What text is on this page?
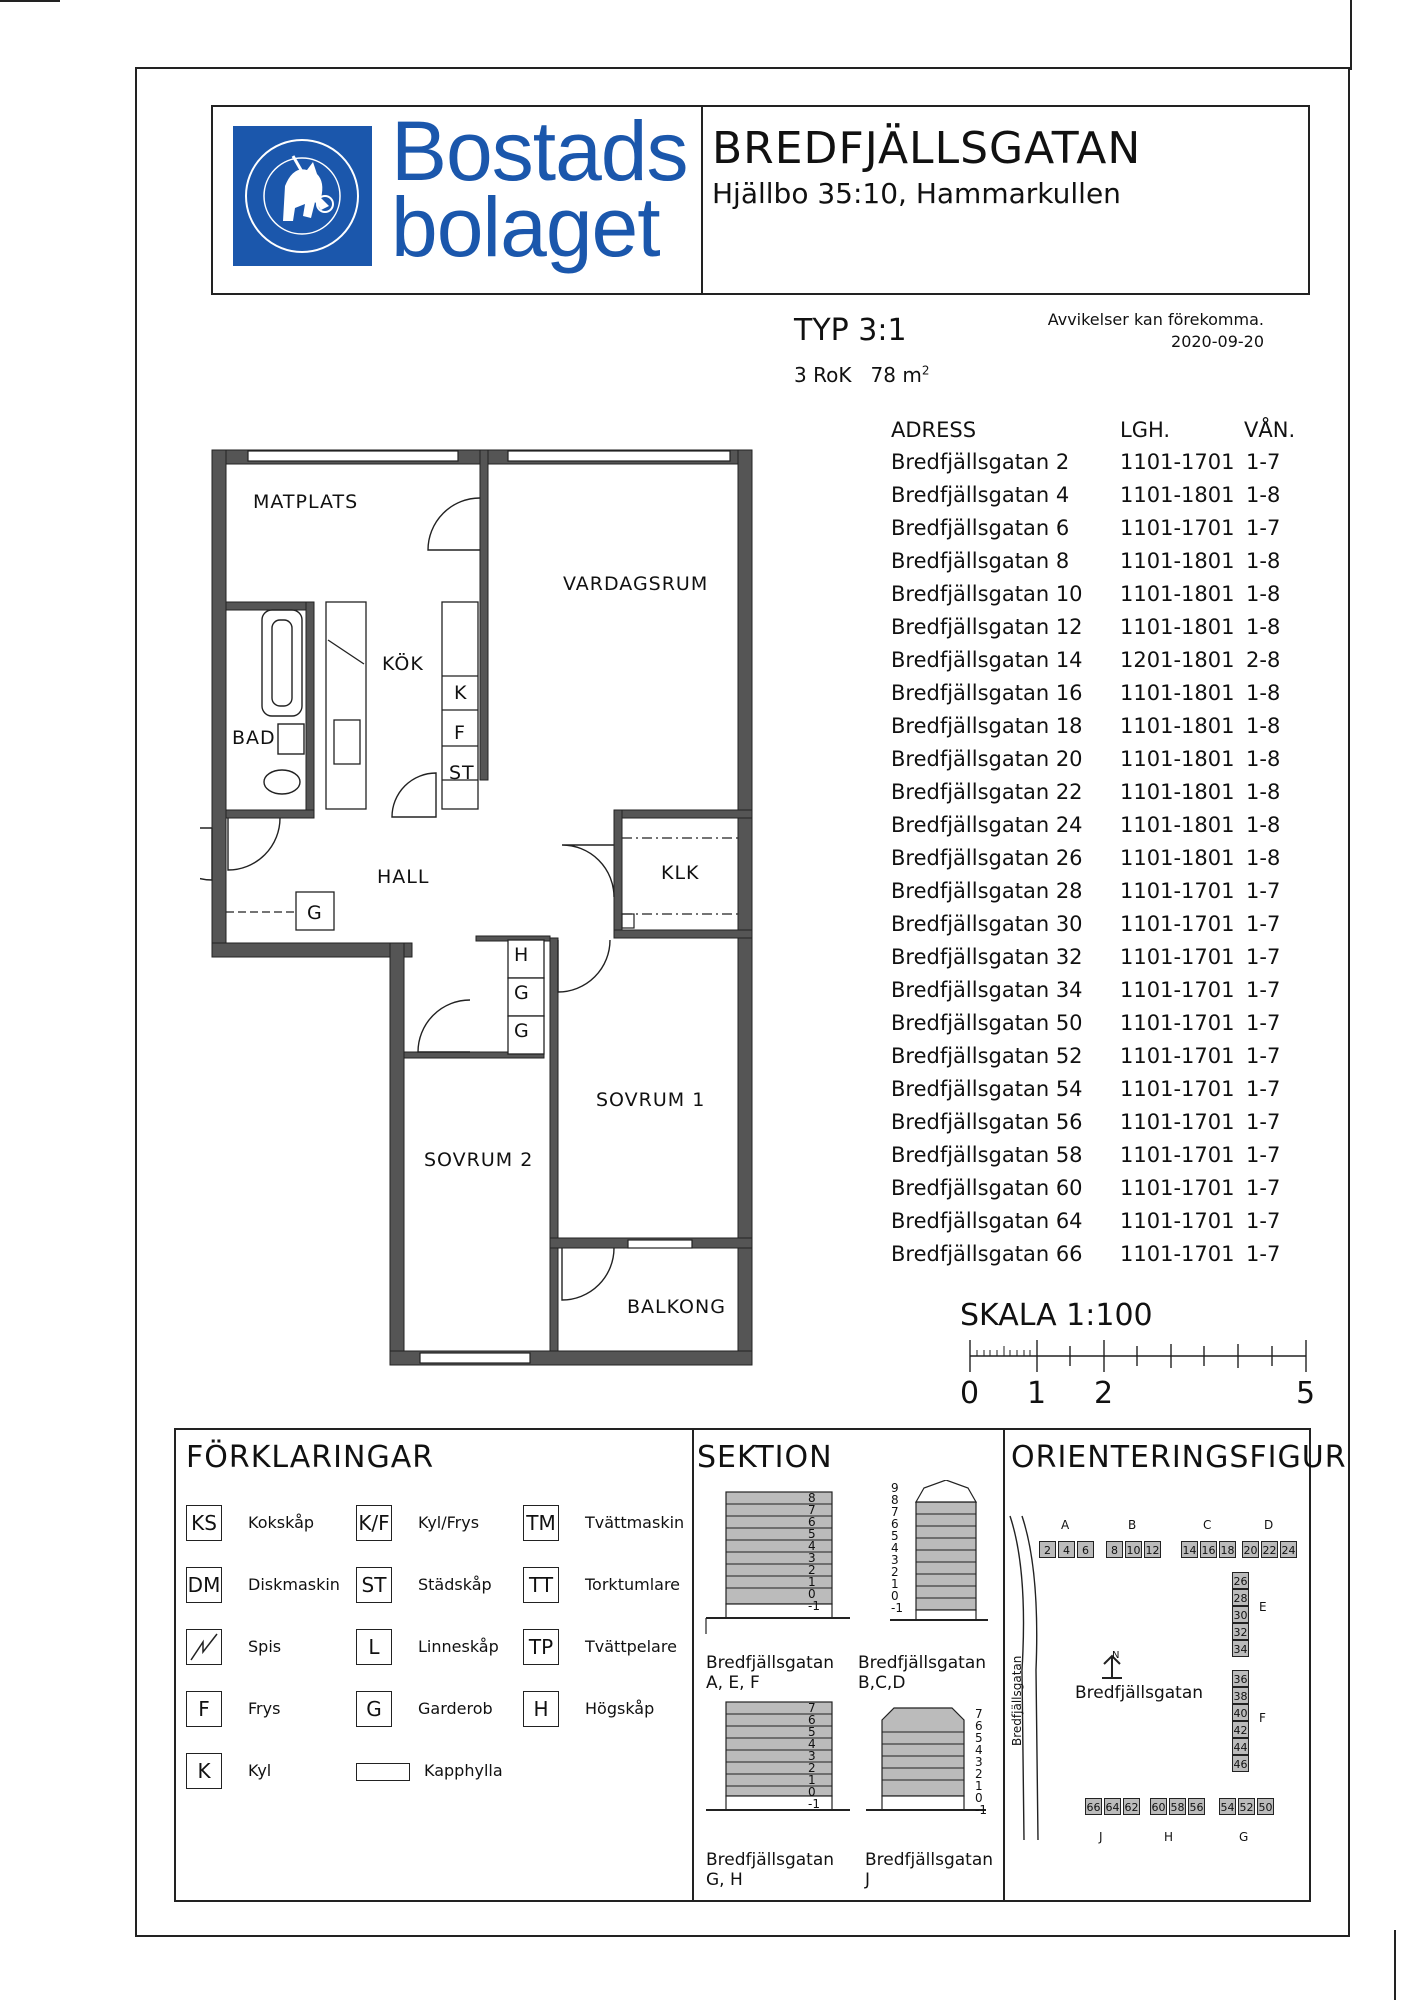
Bostads
bolaget
BREDFJÄLLSGATAN
Hjällbo 35:10, Hammarkullen
TYP 3:1
3 RoK 78 $m^2$
Avvikelser kan förekomma.
2020-09-20
ADRESS	LGH.	VÅN.
Bredfjällsgatan 2 1101-1701 1-7
Bredfjällsgatan 4 1101-1801 1-8
Bredfjällsgatan 6 1101-1701 1-7
Bredfjällsgatan 8 1101-1801 1-8
Bredfjällsgatan 10 1101-1801 1-8
Bredfjällsgatan 12 1101-1801 1-8
Bredfjällsgatan 14 1201-1801 2-8
Bredfjällsgatan 16 1101-1801 1-8
Bredfjällsgatan 18 1101-1801 1-8
Bredfjällsgatan 20 1101-1801 1-8
Bredfjällsgatan 22 1101-1801 1-8
Bredfjällsgatan 24 1101-1801 1-8
Bredfjällsgatan 26 1101-1801 1-8
Bredfjällsgatan 28 1101-1701 1-7
Bredfjällsgatan 30 1101-1701 1-7
Bredfjällsgatan 32 1101-1701 1-7
Bredfjällsgatan 34 1101-1701 1-7
Bredfjällsgatan 50 1101-1701 1-7
Bredfjällsgatan 52 1101-1701 1-7
Bredfjällsgatan 54 1101-1701 1-7
Bredfjällsgatan 56 1101-1701 1-7
Bredfjällsgatan 58 1101-1701 1-7
Bredfjällsgatan 60 1101-1701 1-7
Bredfjällsgatan 64 1101-1701 1-7
Bredfjällsgatan 66 1101-1701 1-7
MATPLATS
VARDAGSRUM
KÖK
BAD
HALL	KLK
SOVRUM 1
SOVRUM 2
BALKONG
K
F
ST
H
G
G
G
SKALA 1:100
0 1 2	5
FÖRKLARINGAR
KS Kokskåp K/F Kyl/Frys TM Tvättmaskin
DM Diskmaskin ST Städskåp TT Torktumlare
Spis	L Linneskåp TP Tvättpelare
F Frys	G Garderob H Högskåp
K Kyl	Kapphylla
SEKTION
8
7
6
5
4
3
2
1
0
-1
9
8
7
6
5
4
3
2
1
0
-1
7
6
5
4
3
2
1
0
-1
7
6
5
4
3
2
1
0
-1
Bredfjällsgatan
A, E, F
Bredfjällsgatan
B,C,D
Bredfjällsgatan
G, H
Bredfjällsgatan
J
ORIENTERINGSFIGUR
A	B	C	D
2	4	6	8 10 12 14 16 18 20 22 24
E
26
28
30
32
34
F
36
38
40
42
44
46
66 64 62 60 58 56 54 52 50
J	H	G
N
Bredfjällsgatan
Bredfjällsgatan
